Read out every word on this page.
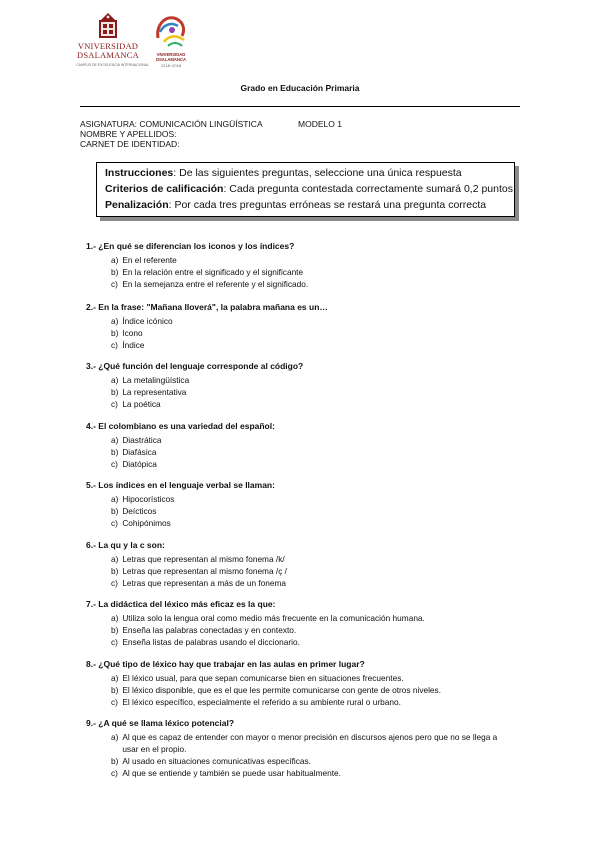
VNIVERSIDAD
DSALAMANCA
CAMPUS DE EXCELENCIA INTERNACIONAL
VNIVERSIDAD
DSALAMANCA
1218~2018
Grado en Educación Primaria
ASIGNATURA: COMUNICACIÓN LINGÜÍSTICA	MODELO 1
NOMBRE Y APELLIDOS:
CARNET DE IDENTIDAD:
Instrucciones: De las siguientes preguntas, seleccione una única respuesta
Criterios de calificación: Cada pregunta contestada correctamente sumará 0,2 puntos
Penalización: Por cada tres preguntas erróneas se restará una pregunta correcta
1.- ¿En qué se diferencian los iconos y los índices?
a) En el referente
b) En la relación entre el significado y el significante
c) En la semejanza entre el referente y el significado.
2.- En la frase: "Mañana lloverá", la palabra mañana es un…
a) Índice icónico
b) Icono
c) Índice
3.- ¿Qué función del lenguaje corresponde al código?
a) La metalingüística
b) La representativa
c) La poética
4.- El colombiano es una variedad del español:
a) Diastrática
b) Diafásica
c) Diatópica
5.- Los índices en el lenguaje verbal se llaman:
a) Hipocorísticos
b) Deícticos
c) Cohipónimos
6.- La qu y la c son:
a) Letras que representan al mismo fonema /k/
b) Letras que representan al mismo fonema /ç /
c) Letras que representan a más de un fonema
7.- La didáctica del léxico más eficaz es la que:
a) Utiliza solo la lengua oral como medio más frecuente en la comunicación humana.
b) Enseña las palabras conectadas y en contexto.
c) Enseña listas de palabras usando el diccionario.
8.- ¿Qué tipo de léxico hay que trabajar en las aulas en primer lugar?
a) El léxico usual, para que sepan comunicarse bien en situaciones frecuentes.
b) El léxico disponible, que es el que les permite comunicarse con gente de otros niveles.
c) El léxico específico, especialmente el referido a su ambiente rural o urbano.
9.- ¿A qué se llama léxico potencial?
a) Al que es capaz de entender con mayor o menor precisión en discursos ajenos pero que no se llega a usar en el propio.
b) Al usado en situaciones comunicativas específicas.
c) Al que se entiende y también se puede usar habitualmente.
